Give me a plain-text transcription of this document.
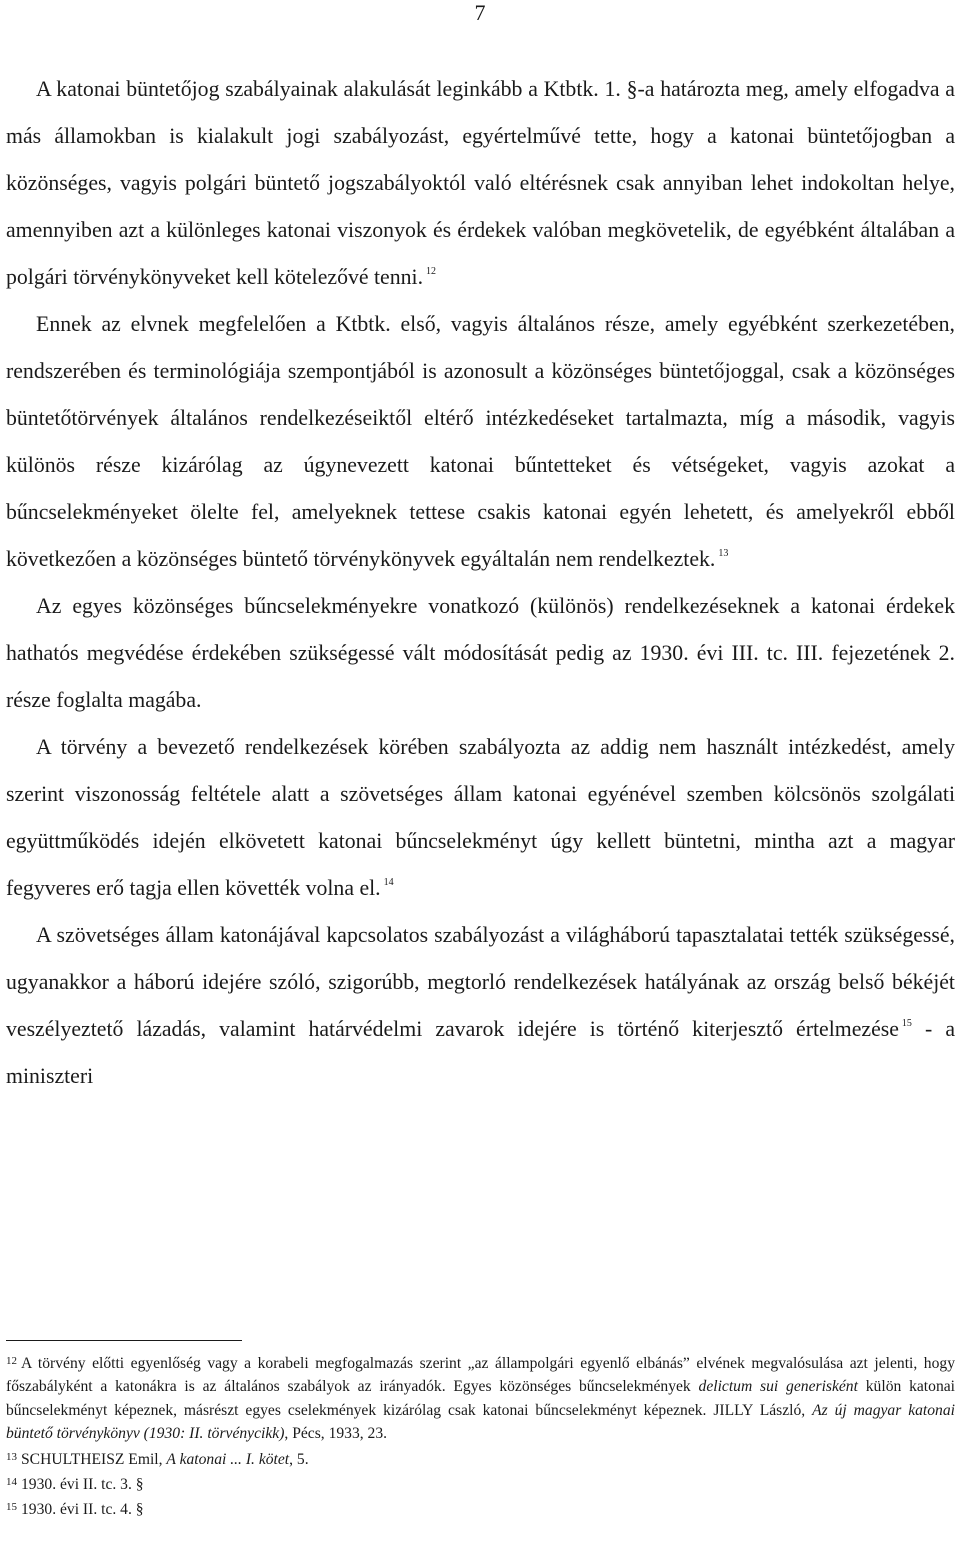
7

A katonai büntetőjog szabályainak alakulását leginkább a Ktbtk. 1. §-a határozta meg, amely elfogadva a más államokban is kialakult jogi szabályozást, egyértelművé tette, hogy a katonai büntetőjogban a közönséges, vagyis polgári büntető jogszabályoktól való eltérésnek csak annyiban lehet indokoltan helye, amennyiben azt a különleges katonai viszonyok és érdekek valóban megkövetelik, de egyébként általában a polgári törvénykönyveket kell kötelezővé tenni. $^{12}$

Ennek az elvnek megfelelően a Ktbtk. első, vagyis általános része, amely egyébként szerkezetében, rendszerében és terminológiája szempontjából is azonosult a közönséges büntetőjoggal, csak a közönséges büntetőtörvények általános rendelkezéseiktől eltérő intézkedéseket tartalmazta, míg a második, vagyis különös része kizárólag az úgynevezett katonai bűntetteket és vétségeket, vagyis azokat a bűncselekményeket ölelte fel, amelyeknek tettese csakis katonai egyén lehetett, és amelyekről ebből következően a közönséges büntető törvénykönyvek egyáltalán nem rendelkeztek. $^{13}$

Az egyes közönséges bűncselekményekre vonatkozó (különös) rendelkezéseknek a katonai érdekek hathatós megvédése érdekében szükségessé vált módosítását pedig az 1930. évi III. tc. III. fejezetének 2. része foglalta magába.

A törvény a bevezető rendelkezések körében szabályozta az addig nem használt intézkedést, amely szerint viszonosság feltétele alatt a szövetséges állam katonai egyénével szemben kölcsönös szolgálati együttműködés idején elkövetett katonai bűncselekményt úgy kellett büntetni, mintha azt a magyar fegyveres erő tagja ellen követték volna el. $^{14}$

A szövetséges állam katonájával kapcsolatos szabályozást a világháború tapasztalatai tették szükségessé, ugyanakkor a háború idejére szóló, szigorúbb, megtorló rendelkezések hatályának az ország belső békéjét veszélyeztető lázadás, valamint határvédelmi zavarok idejére is történő kiterjesztő értelmezése $^{15}$ - a miniszteri

$^{12}$ A törvény előtti egyenlőség vagy a korabeli megfogalmazás szerint „az állampolgári egyenlő elbánás” elvének megvalósulása azt jelenti, hogy főszabályként a katonákra is az általános szabályok az irányadók. Egyes közönséges bűncselekmények delictum sui generisként külön katonai bűncselekményt képeznek, másrészt egyes cselekmények kizárólag csak katonai bűncselekményt képeznek. JILLY László, Az új magyar katonai büntető törvénykönyv (1930: II. törvénycikk), Pécs, 1933, 23.

$^{13}$ SCHULTHEISZ Emil, A katonai ... I. kötet, 5.

$^{14}$ 1930. évi II. tc. 3. §

$^{15}$ 1930. évi II. tc. 4. §
